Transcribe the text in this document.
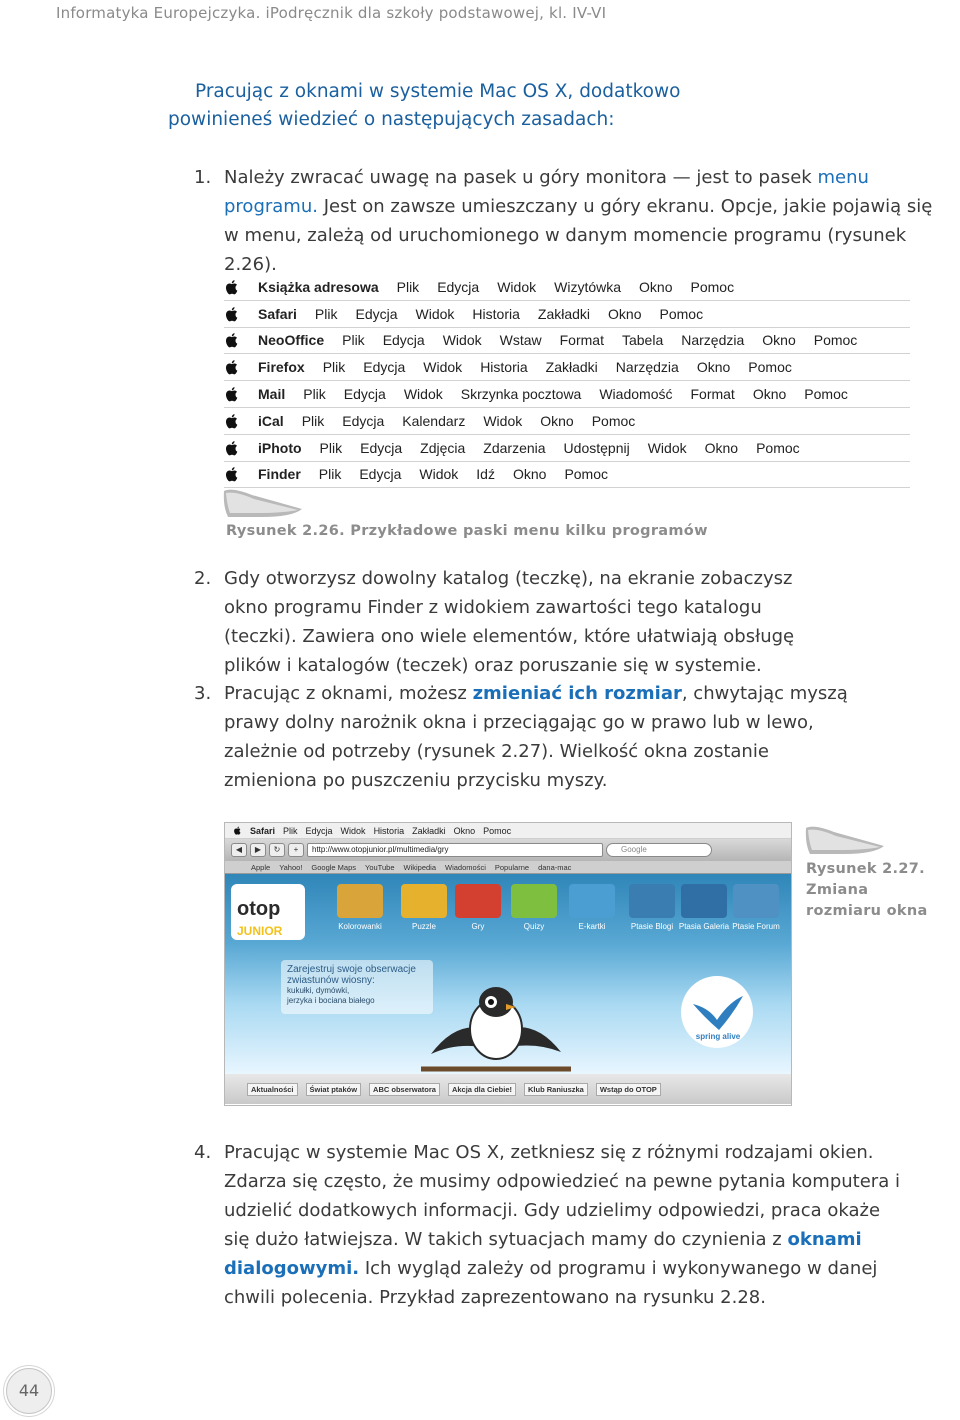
Informatyka Europejczyka. iPodręcznik dla szkoły podstawowej, kl. IV-VI
Pracując z oknami w systemie Mac OS X, dodatkowo
powinieneś wiedzieć o następujących zasadach:
1. Należy zwracać uwagę na pasek u góry monitora — jest to pasek menu programu. Jest on zawsze umieszczany u góry ekranu. Opcje, jakie pojawią się w menu, zależą od uruchomionego w danym momencie programu (rysunek 2.26).
Książka adresowa Plik Edycja Widok Wizytówka Okno Pomoc
Safari Plik Edycja Widok Historia Zakładki Okno Pomoc
NeoOffice Plik Edycja Widok Wstaw Format Tabela Narzędzia Okno Pomoc
Firefox Plik Edycja Widok Historia Zakładki Narzędzia Okno Pomoc
Mail Plik Edycja Widok Skrzynka pocztowa Wiadomość Format Okno Pomoc
iCal Plik Edycja Kalendarz Widok Okno Pomoc
iPhoto Plik Edycja Zdjęcia Zdarzenia Udostępnij Widok Okno Pomoc
Finder Plik Edycja Widok Idź Okno Pomoc
Rysunek 2.26. Przykładowe paski menu kilku programów
2. Gdy otworzysz dowolny katalog (teczkę), na ekranie zobaczysz okno programu Finder z widokiem zawartości tego katalogu (teczki). Zawiera ono wiele elementów, które ułatwiają obsługę plików i katalogów (teczek) oraz poruszanie się w systemie.
3. Pracując z oknami, możesz zmieniać ich rozmiar, chwytając myszą prawy dolny narożnik okna i przeciągając go w prawo lub w lewo, zależnie od potrzeby (rysunek 2.27). Wielkość okna zostanie zmieniona po puszczeniu przycisku myszy.
Safari Plik Edycja Widok Historia Zakładki Okno Pomoc
◀	▶	↻	+	http://www.otopjunior.pl/multimedia/gry	Google
Apple Yahoo! Google Maps YouTube Wikipedia Wiadomości Popularne dana-mac
otop
JUNIOR	Kolorowanki	Puzzle	Gry	Quizy	E-kartki	Ptasie Blogi Ptasia Galeria Ptasie Forum
Zarejestruj swoje obserwacje
zwiastunów wiosny:
kukułki, dymówki,
jerzyka i bociana białego
spring alive
Aktualności	Świat ptaków	ABC obserwatora	Akcja dla Ciebie!	Klub Raniuszka	Wstąp do OTOP
Rysunek 2.27.
Zmiana
rozmiaru okna
4. Pracując w systemie Mac OS X, zetkniesz się z różnymi rodzajami okien. Zdarza się często, że musimy odpowiedzieć na pewne pytania komputera i udzielić dodatkowych informacji. Gdy udzielimy odpowiedzi, praca okaże się dużo łatwiejsza. W takich sytuacjach mamy do czynienia z oknami dialogowymi. Ich wygląd zależy od programu i wykonywanego w danej chwili polecenia. Przykład zaprezentowano na rysunku 2.28.
44
